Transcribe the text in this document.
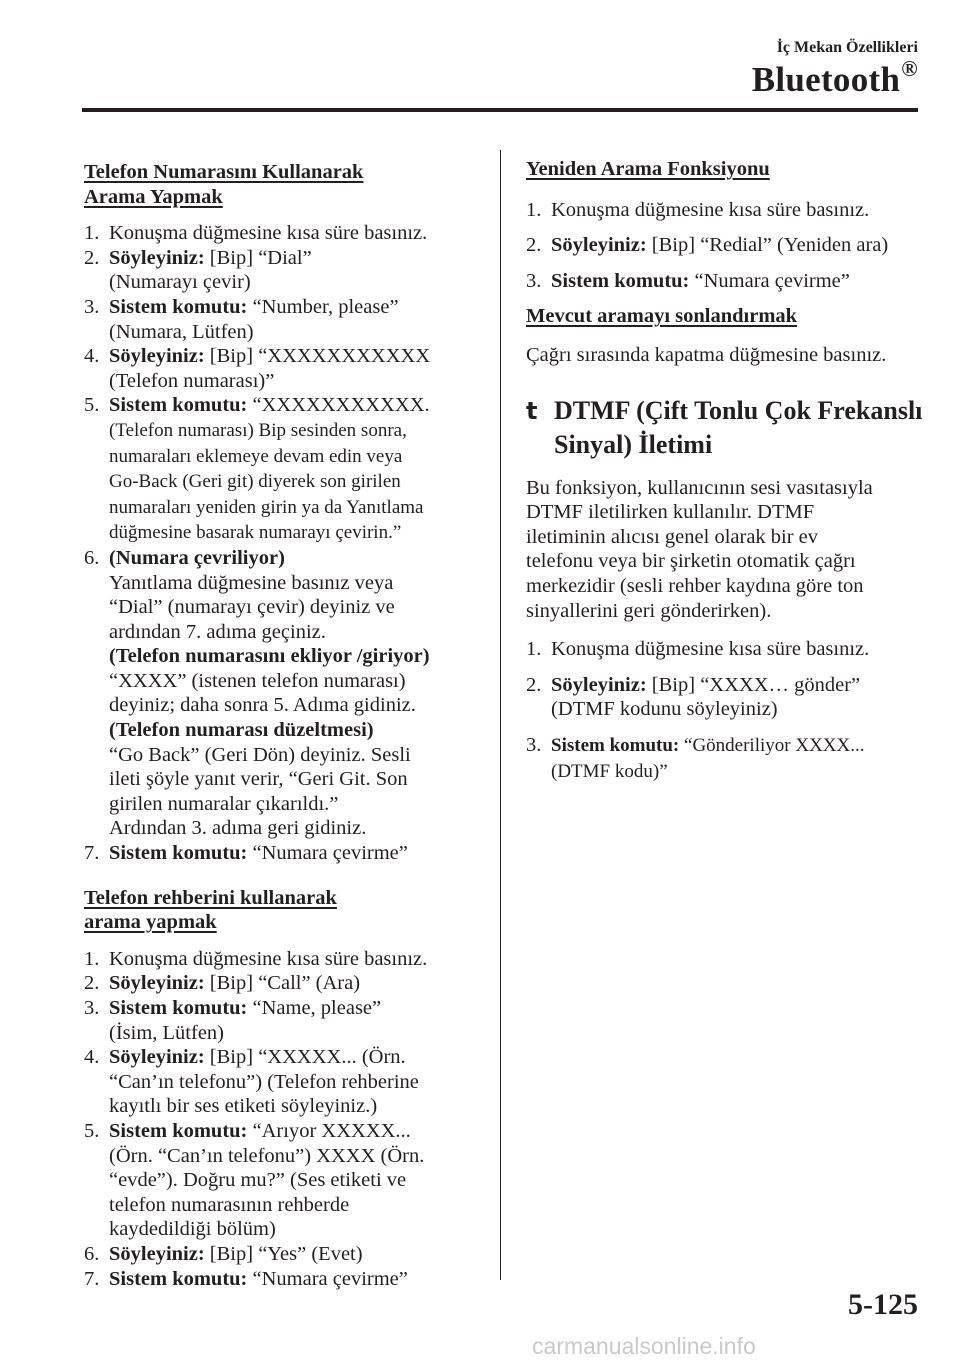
İç Mekan Özellikleri
Bluetooth®
Telefon Numarasını Kullanarak
Arama Yapmak
1. Konuşma düğmesine kısa süre basınız.
2. Söyleyiniz: [Bip] “Dial”
(Numarayı çevir)
3. Sistem komutu: “Number, please”
(Numara, Lütfen)
4. Söyleyiniz: [Bip] “XXXXXXXXXXX
(Telefon numarası)”
5. Sistem komutu: “XXXXXXXXXXX.
(Telefon numarası) Bip sesinden sonra,
numaraları eklemeye devam edin veya
Go-Back (Geri git) diyerek son girilen
numaraları yeniden girin ya da Yanıtlama
düğmesine basarak numarayı çevirin.”
6. (Numara çevriliyor)
Yanıtlama düğmesine basınız veya
“Dial” (numarayı çevir) deyiniz ve
ardından 7. adıma geçiniz.
(Telefon numarasını ekliyor /giriyor)
“XXXX” (istenen telefon numarası)
deyiniz; daha sonra 5. Adıma gidiniz.
(Telefon numarası düzeltmesi)
“Go Back” (Geri Dön) deyiniz. Sesli
ileti şöyle yanıt verir, “Geri Git. Son
girilen numaralar çıkarıldı.”
Ardından 3. adıma geri gidiniz.
7. Sistem komutu: “Numara çevirme”
Telefon rehberini kullanarak
arama yapmak
1. Konuşma düğmesine kısa süre basınız.
2. Söyleyiniz: [Bip] “Call” (Ara)
3. Sistem komutu: “Name, please”
(İsim, Lütfen)
4. Söyleyiniz: [Bip] “XXXXX... (Örn.
“Can’ın telefonu”) (Telefon rehberine
kayıtlı bir ses etiketi söyleyiniz.)
5. Sistem komutu: “Arıyor XXXXX...
(Örn. “Can’ın telefonu”) XXXX (Örn.
“evde”). Doğru mu?” (Ses etiketi ve
telefon numarasının rehberde
kaydedildiği bölüm)
6. Söyleyiniz: [Bip] “Yes” (Evet)
7. Sistem komutu: “Numara çevirme”
Yeniden Arama Fonksiyonu
1. Konuşma düğmesine kısa süre basınız.
2. Söyleyiniz: [Bip] “Redial” (Yeniden ara)
3. Sistem komutu: “Numara çevirme”
Mevcut aramayı sonlandırmak
Çağrı sırasında kapatma düğmesine basınız.
t DTMF (Çift Tonlu Çok Frekanslı
Sinyal) İletimi
Bu fonksiyon, kullanıcının sesi vasıtasıyla
DTMF iletilirken kullanılır. DTMF
iletiminin alıcısı genel olarak bir ev
telefonu veya bir şirketin otomatik çağrı
merkezidir (sesli rehber kaydına göre ton
sinyallerini geri gönderirken).
1. Konuşma düğmesine kısa süre basınız.
2. Söyleyiniz: [Bip] “XXXX… gönder”
(DTMF kodunu söyleyiniz)
3. Sistem komutu: “Gönderiliyor XXXX...
(DTMF kodu)”
5-125
carmanualsonline.info
